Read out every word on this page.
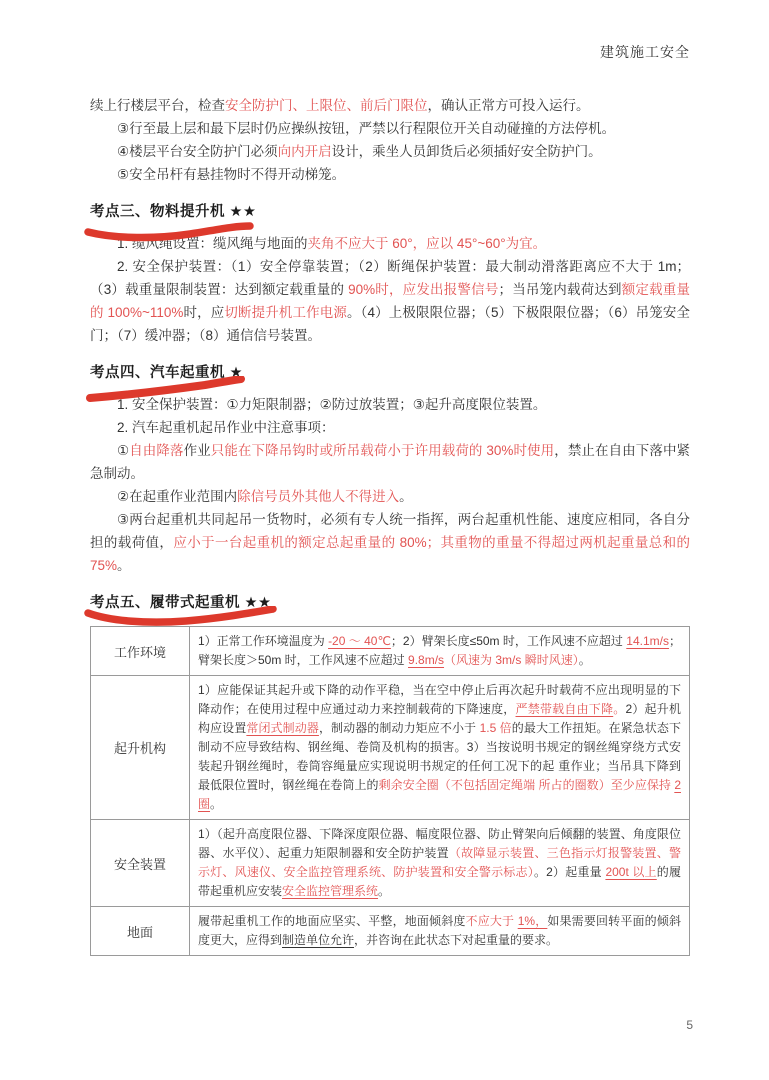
建筑施工安全

续上行楼层平台，检查安全防护门、上限位、前后门限位，确认正常方可投入运行。

③行至最上层和最下层时仍应操纵按钮，严禁以行程限位开关自动碰撞的方法停机。

④楼层平台安全防护门必须向内开启设计，乘坐人员卸货后必须插好安全防护门。

⑤安全吊杆有悬挂物时不得开动梯笼。

考点三、物料提升机 ★★

1. 缆风绳设置：缆风绳与地面的夹角不应大于 60°，应以 45°~60°为宜。

2. 安全保护装置：（1）安全停靠装置；（2）断绳保护装置：最大制动滑落距离应不大于 1m；（3）载重量限制装置：达到额定载重量的 90%时，应发出报警信号；当吊笼内载荷达到额定载重量的 100%~110%时，应切断提升机工作电源。（4）上极限限位器；（5）下极限限位器；（6）吊笼安全门；（7）缓冲器；（8）通信信号装置。

考点四、汽车起重机 ★

1. 安全保护装置：①力矩限制器；②防过放装置；③起升高度限位装置。

2. 汽车起重机起吊作业中注意事项：

①自由降落作业只能在下降吊钩时或所吊载荷小于许用载荷的 30%时使用，禁止在自由下落中紧急制动。

②在起重作业范围内除信号员外其他人不得进入。

③两台起重机共同起吊一货物时，必须有专人统一指挥，两台起重机性能、速度应相同，各自分担的载荷值，应小于一台起重机的额定总起重量的 80%；其重物的重量不得超过两机起重量总和的 75%。

考点五、履带式起重机 ★★
工作环境	1）正常工作环境温度为 -20 ～ 40℃；2）臂架长度≤50m 时，工作风速不应超过 14.1m/s；臂架长度＞50m 时，工作风速不应超过 9.8m/s（风速为 3m/s 瞬时风速）。
起升机构	1）应能保证其起升或下降的动作平稳，当在空中停止后再次起升时载荷不应出现明显的下降动作；在使用过程中应通过动力来控制载荷的下降速度，严禁带载自由下降。2）起升机构应设置常闭式制动器，制动器的制动力矩应不小于 1.5 倍的最大工作扭矩。在紧急状态下制动不应导致结构、钢丝绳、卷筒及机构的损害。3）当按说明书规定的钢丝绳穿绕方式安装起升钢丝绳时，卷筒容绳量应实现说明书规定的任何工况下的起 重作业；当吊具下降到最低限位置时，钢丝绳在卷筒上的剩余安全圈（不包括固定绳端 所占的圈数）至少应保持 2 圈。
安全装置	1）（起升高度限位器、下降深度限位器、幅度限位器、防止臂架向后倾翻的装置、角度限位器、水平仪）、起重力矩限制器和安全防护装置（故障显示装置、三色指示灯报警装置、警示灯、风速仪、安全监控管理系统、防护装置和安全警示标志）。2）起重量 200t 以上的履带起重机应安装安全监控管理系统。
地面	履带起重机工作的地面应坚实、平整，地面倾斜度不应大于 1%，如果需要回转平面的倾斜度更大，应得到制造单位允许，并咨询在此状态下对起重量的要求。
5
